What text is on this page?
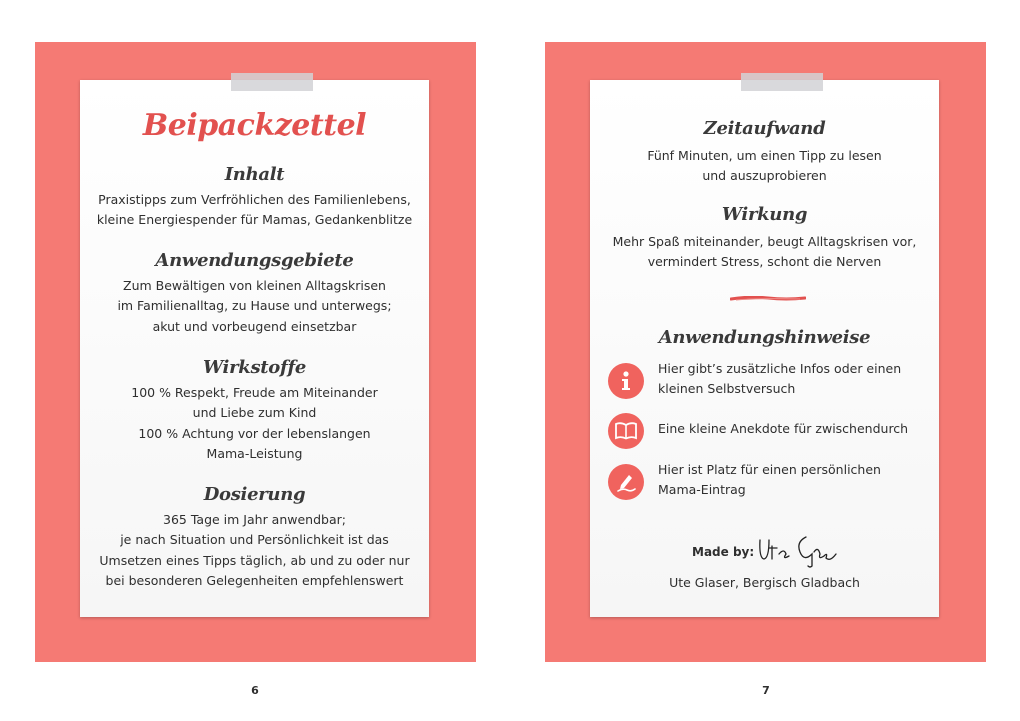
Beipackzettel
Inhalt

Praxistipps zum Verfröhlichen des Familienlebens,
kleine Energiespender für Mamas, Gedankenblitze

Anwendungsgebiete

Zum Bewältigen von kleinen Alltagskrisen
im Familienalltag, zu Hause und unterwegs;
akut und vorbeugend einsetzbar

Wirkstoffe

100 % Respekt, Freude am Miteinander
und Liebe zum Kind
100 % Achtung vor der lebenslangen
Mama-Leistung

Dosierung

365 Tage im Jahr anwendbar;
je nach Situation und Persönlichkeit ist das
Umsetzen eines Tipps täglich, ab und zu oder nur
bei besonderen Gelegenheiten empfehlenswert

Zeitaufwand

Fünf Minuten, um einen Tipp zu lesen
und auszuprobieren

Wirkung

Mehr Spaß miteinander, beugt Alltagskrisen vor,
vermindert Stress, schont die Nerven

Anwendungshinweise
Hier gibt’s zusätzliche Infos oder einen
kleinen Selbstversuch
Eine kleine Anekdote für zwischendurch
Hier ist Platz für einen persönlichen
Mama-Eintrag
Made by:

Ute Glaser, Bergisch Gladbach

6	7
